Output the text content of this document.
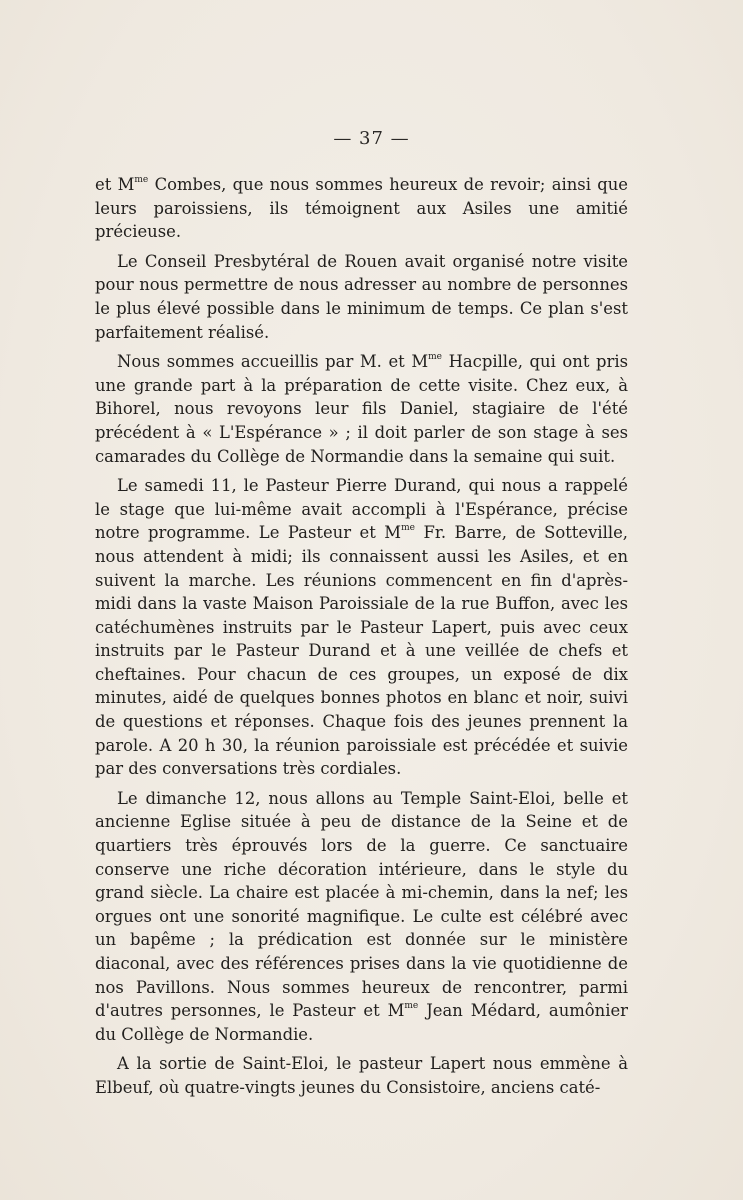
— 37 —

et $M^{me}$ Combes, que nous sommes heureux de revoir; ainsi que leurs paroissiens, ils témoignent aux Asiles une amitié précieuse.

Le Conseil Presbytéral de Rouen avait organisé notre visite pour nous permettre de nous adresser au nombre de personnes le plus élevé possible dans le minimum de temps. Ce plan s'est parfaitement réalisé.

Nous sommes accueillis par M. et $M^{me}$ Hacpille, qui ont pris une grande part à la préparation de cette visite. Chez eux, à Bihorel, nous revoyons leur fils Daniel, stagiaire de l'été précédent à « L'Espérance » ; il doit parler de son stage à ses camarades du Collège de Normandie dans la semaine qui suit.

Le samedi 11, le Pasteur Pierre Durand, qui nous a rappelé le stage que lui-même avait accompli à l'Espérance, précise notre programme. Le Pasteur et $M^{me}$ Fr. Barre, de Sotteville, nous attendent à midi; ils connaissent aussi les Asiles, et en suivent la marche. Les réunions commencent en fin d'après-midi dans la vaste Maison Paroissiale de la rue Buffon, avec les catéchumènes instruits par le Pasteur Lapert, puis avec ceux instruits par le Pasteur Durand et à une veillée de chefs et cheftaines. Pour chacun de ces groupes, un exposé de dix minutes, aidé de quelques bonnes photos en blanc et noir, suivi de questions et réponses. Chaque fois des jeunes prennent la parole. A 20 h 30, la réunion paroissiale est précédée et suivie par des conversations très cordiales.

Le dimanche 12, nous allons au Temple Saint-Eloi, belle et ancienne Eglise située à peu de distance de la Seine et de quartiers très éprouvés lors de la guerre. Ce sanctuaire conserve une riche décoration intérieure, dans le style du grand siècle. La chaire est placée à mi-chemin, dans la nef; les orgues ont une sonorité magnifique. Le culte est célébré avec un bapême ; la prédication est donnée sur le ministère diaconal, avec des références prises dans la vie quotidienne de nos Pavillons. Nous sommes heureux de rencontrer, parmi d'autres personnes, le Pasteur et $M^{me}$ Jean Médard, aumônier du Collège de Normandie.

A la sortie de Saint-Eloi, le pasteur Lapert nous emmène à Elbeuf, où quatre-vingts jeunes du Consistoire, anciens caté-
